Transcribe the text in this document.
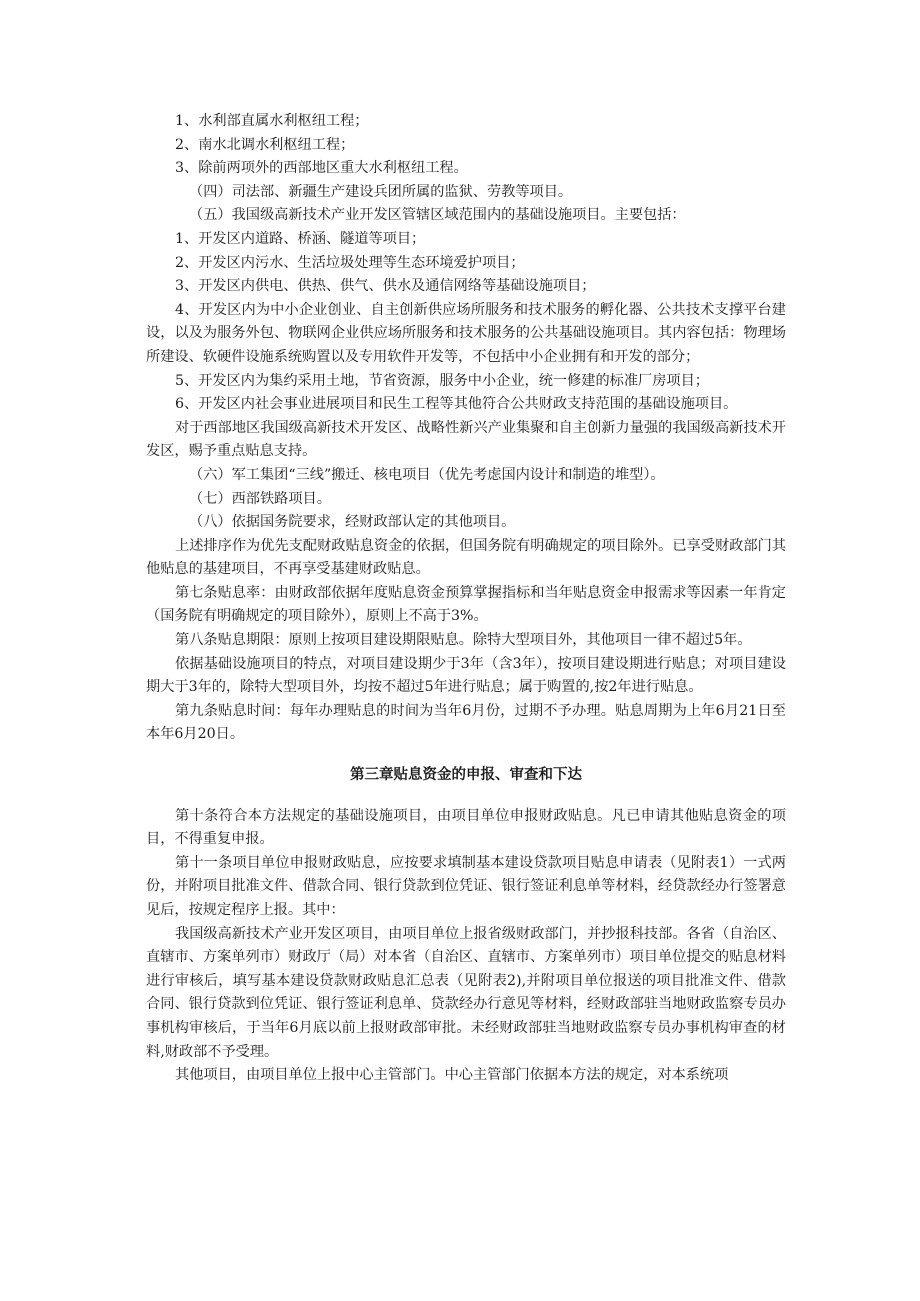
1、水利部直属水利枢纽工程；

2、南水北调水利枢纽工程；

3、除前两项外的西部地区重大水利枢纽工程。

（四）司法部、新疆生产建设兵团所属的监狱、劳教等项目。

（五）我国级高新技术产业开发区管辖区域范围内的基础设施项目。主要包括：

1、开发区内道路、桥涵、隧道等项目；

2、开发区内污水、生活垃圾处理等生态环境爱护项目；

3、开发区内供电、供热、供气、供水及通信网络等基础设施项目；

4、开发区内为中小企业创业、自主创新供应场所服务和技术服务的孵化器、公共技术支撑平台建设，以及为服务外包、物联网企业供应场所服务和技术服务的公共基础设施项目。其内容包括：物理场所建设、软硬件设施系统购置以及专用软件开发等，不包括中小企业拥有和开发的部分；

5、开发区内为集约采用土地，节省资源，服务中小企业，统一修建的标准厂房项目；

6、开发区内社会事业进展项目和民生工程等其他符合公共财政支持范围的基础设施项目。

对于西部地区我国级高新技术开发区、战略性新兴产业集聚和自主创新力量强的我国级高新技术开发区，赐予重点贴息支持。

（六）军工集团“三线”搬迁、核电项目（优先考虑国内设计和制造的堆型）。

（七）西部铁路项目。

（八）依据国务院要求，经财政部认定的其他项目。

上述排序作为优先支配财政贴息资金的依据，但国务院有明确规定的项目除外。已享受财政部门其他贴息的基建项目，不再享受基建财政贴息。

第七条贴息率：由财政部依据年度贴息资金预算掌握指标和当年贴息资金申报需求等因素一年肯定（国务院有明确规定的项目除外），原则上不高于3%。

第八条贴息期限：原则上按项目建设期限贴息。除特大型项目外，其他项目一律不超过5年。

依据基础设施项目的特点，对项目建设期少于3年（含3年），按项目建设期进行贴息；对项目建设期大于3年的，除特大型项目外，均按不超过5年进行贴息；属于购置的,按2年进行贴息。

第九条贴息时间：每年办理贴息的时间为当年6月份，过期不予办理。贴息周期为上年6月21日至本年6月20日。

第三章贴息资金的申报、审查和下达

第十条符合本方法规定的基础设施项目，由项目单位申报财政贴息。凡已申请其他贴息资金的项目，不得重复申报。

第十一条项目单位申报财政贴息，应按要求填制基本建设贷款项目贴息申请表（见附表1）一式两份，并附项目批准文件、借款合同、银行贷款到位凭证、银行签证利息单等材料，经贷款经办行签署意见后，按规定程序上报。其中：

我国级高新技术产业开发区项目，由项目单位上报省级财政部门，并抄报科技部。各省（自治区、直辖市、方案单列市）财政厅（局）对本省（自治区、直辖市、方案单列市）项目单位提交的贴息材料进行审核后，填写基本建设贷款财政贴息汇总表（见附表2),并附项目单位报送的项目批准文件、借款合同、银行贷款到位凭证、银行签证利息单、贷款经办行意见等材料，经财政部驻当地财政监察专员办事机构审核后，于当年6月底以前上报财政部审批。未经财政部驻当地财政监察专员办事机构审查的材料,财政部不予受理。

其他项目，由项目单位上报中心主管部门。中心主管部门依据本方法的规定，对本系统项
